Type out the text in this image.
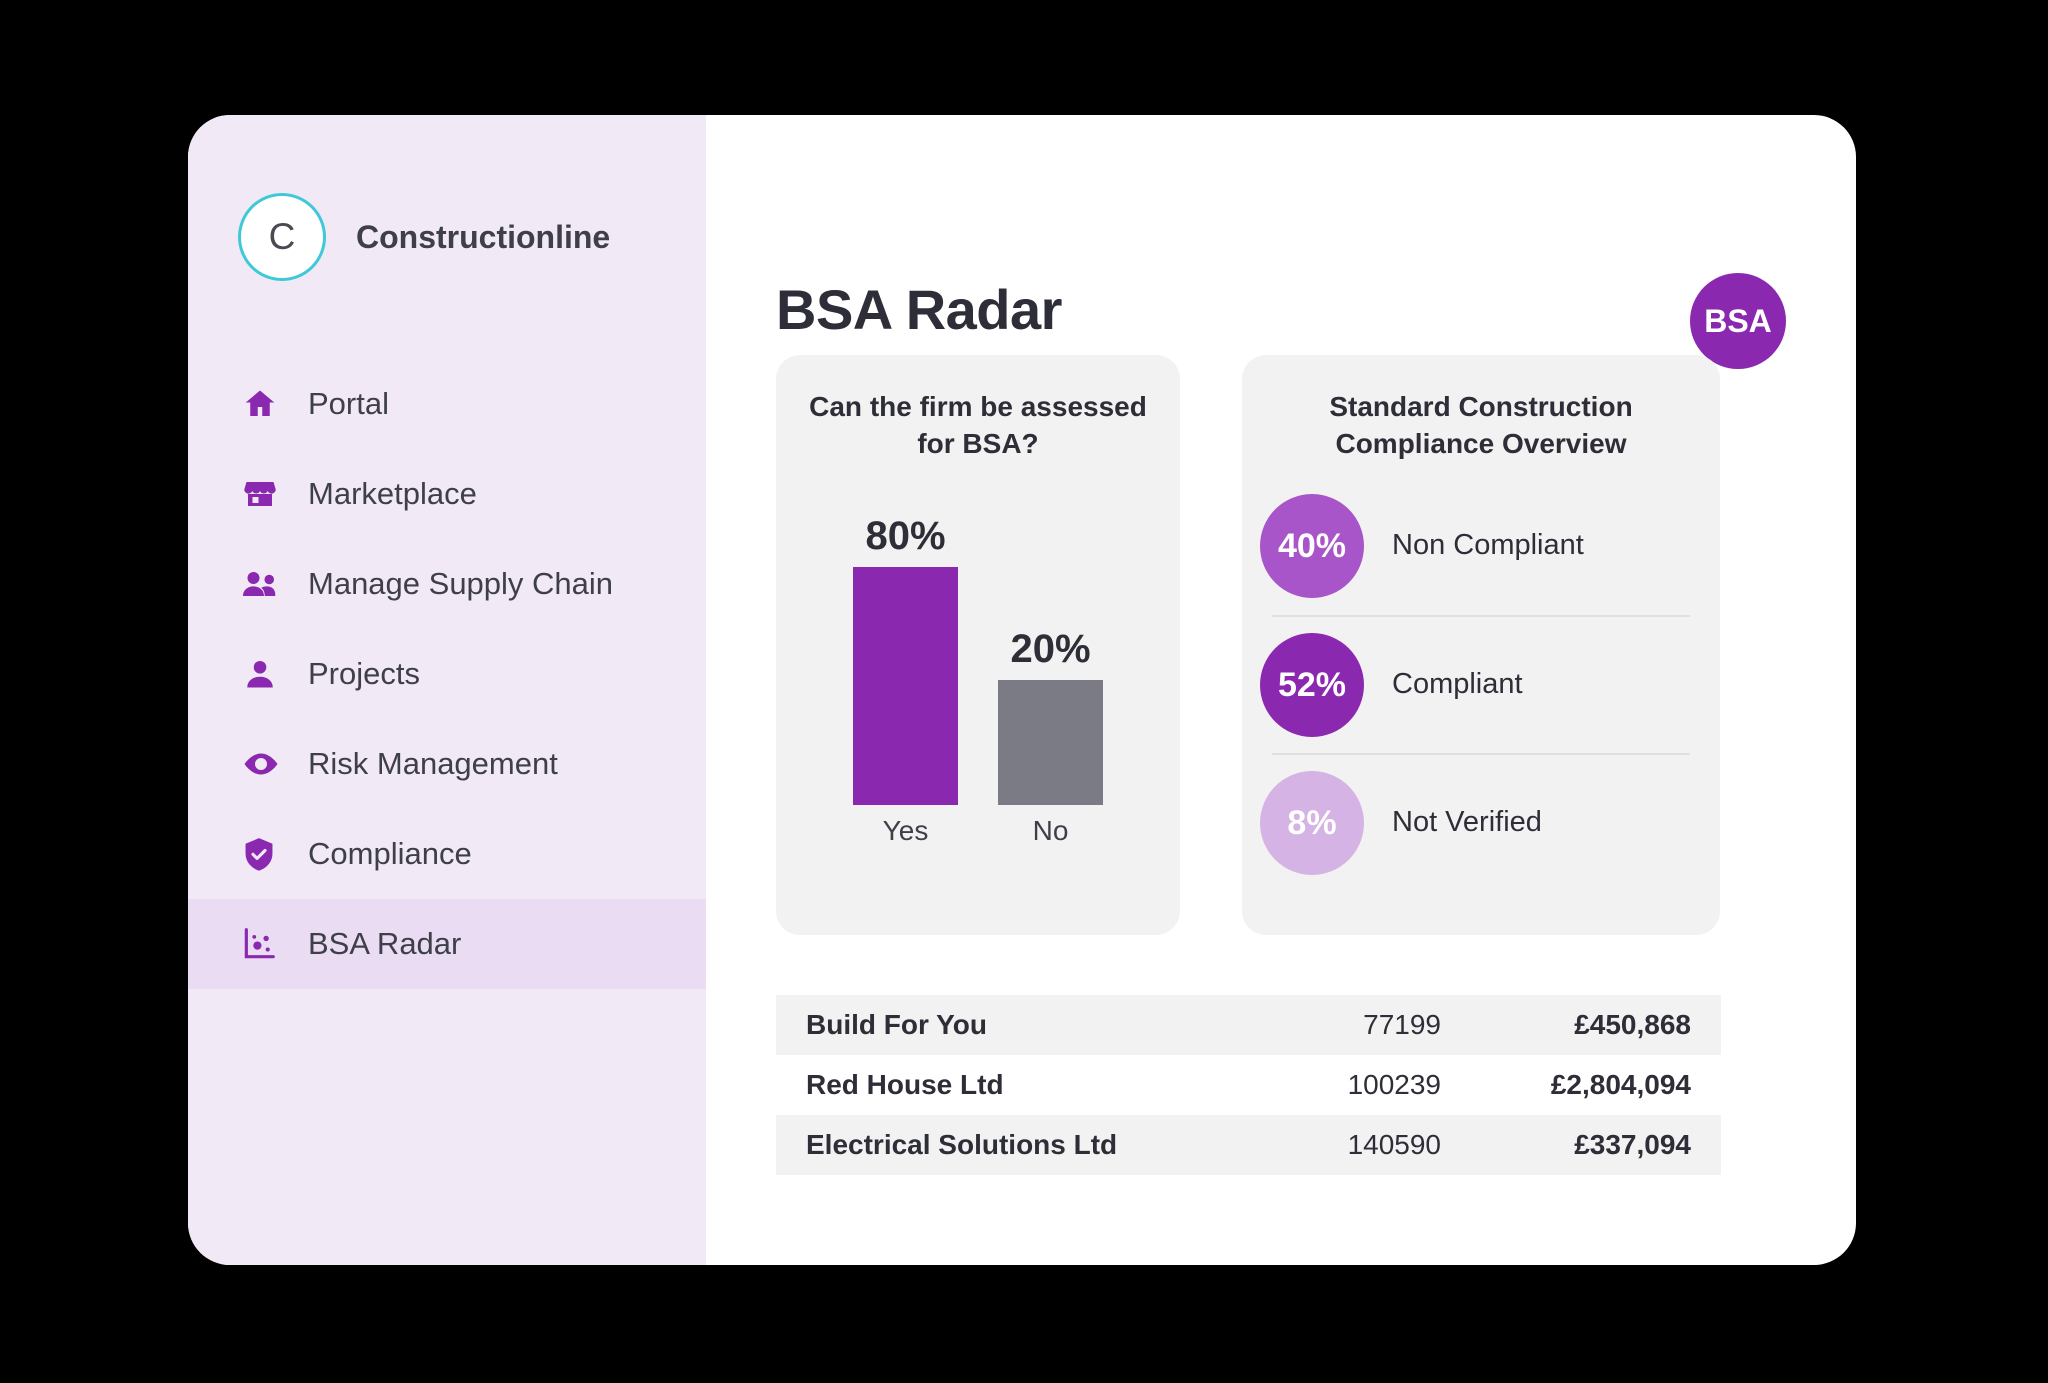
C	Constructionline
Portal
Marketplace
Manage Supply Chain
Projects
Risk Management
Compliance
BSA Radar
BSA Radar	BSA
Can the firm be assessed for BSA?
80%
20%
Yes	No
Standard Construction Compliance Overview
40%	Non Compliant
52%	Compliant
8%	Not Verified
Build For You	77199	£450,868
Red House Ltd	100239	£2,804,094
Electrical Solutions Ltd	140590	£337,094
